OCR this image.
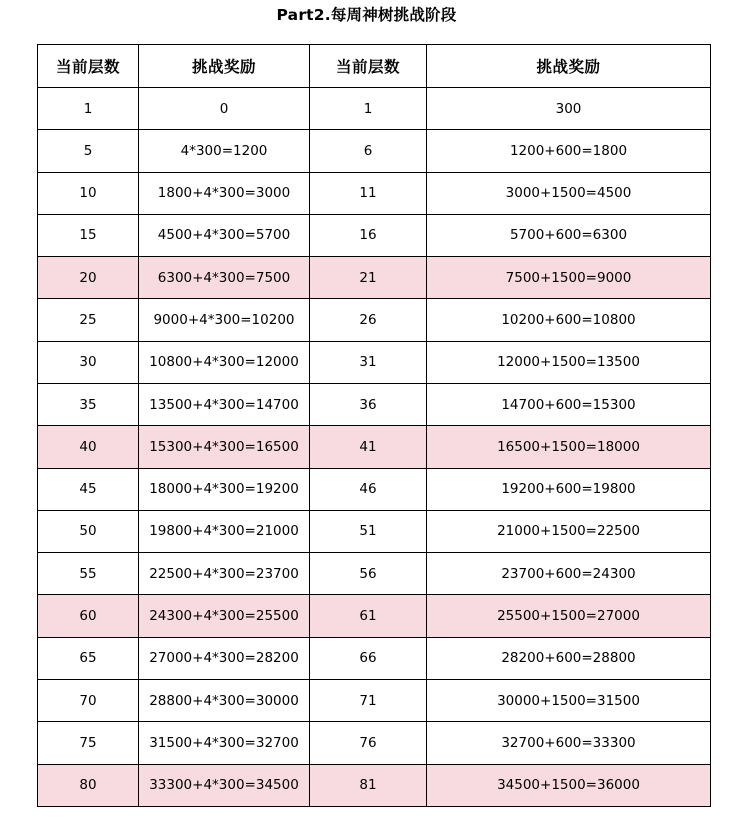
Part2.每周神树挑战阶段
当前层数	挑战奖励	当前层数	挑战奖励
1	0	1	300
5	4*300=1200	6	1200+600=1800
10	1800+4*300=3000	11	3000+1500=4500
15	4500+4*300=5700	16	5700+600=6300
20	6300+4*300=7500	21	7500+1500=9000
25	9000+4*300=10200	26	10200+600=10800
30	10800+4*300=12000	31	12000+1500=13500
35	13500+4*300=14700	36	14700+600=15300
40	15300+4*300=16500	41	16500+1500=18000
45	18000+4*300=19200	46	19200+600=19800
50	19800+4*300=21000	51	21000+1500=22500
55	22500+4*300=23700	56	23700+600=24300
60	24300+4*300=25500	61	25500+1500=27000
65	27000+4*300=28200	66	28200+600=28800
70	28800+4*300=30000	71	30000+1500=31500
75	31500+4*300=32700	76	32700+600=33300
80	33300+4*300=34500	81	34500+1500=36000
